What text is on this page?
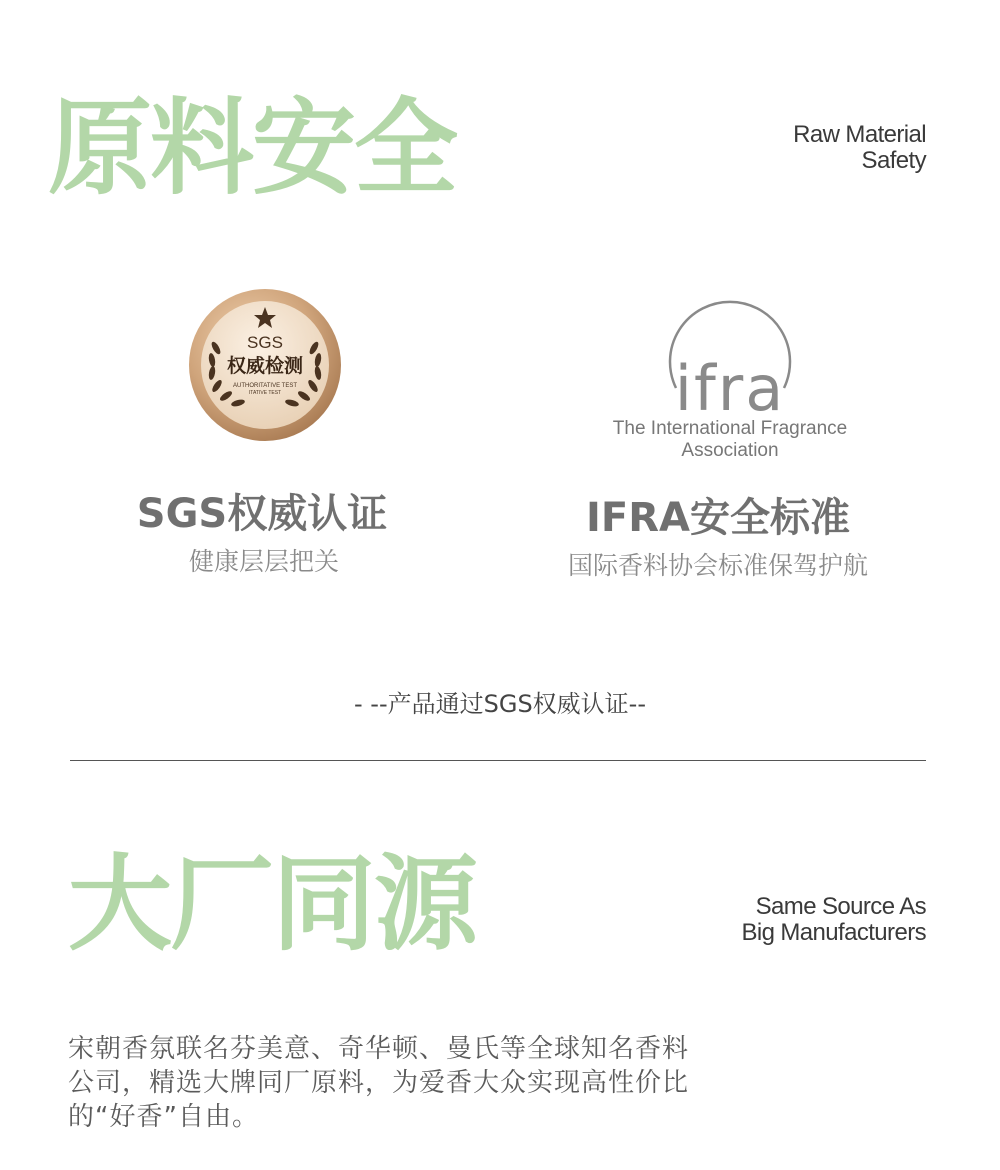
原料安全	Raw Material
Safety
SGS
权威检测
AUTHORITATIVE TEST
ITATIVE TEST
SGS权威认证
健康层层把关
ifra
The International Fragrance
Association
IFRA安全标准
国际香料协会标准保驾护航
- --产品通过SGS权威认证--
大厂同源	Same Source As
Big Manufacturers
宋朝香氛联名芬美意、奇华顿、曼氏等全球知名香料
公司，精选大牌同厂原料，为爱香大众实现高性价比
的“好香”自由。
